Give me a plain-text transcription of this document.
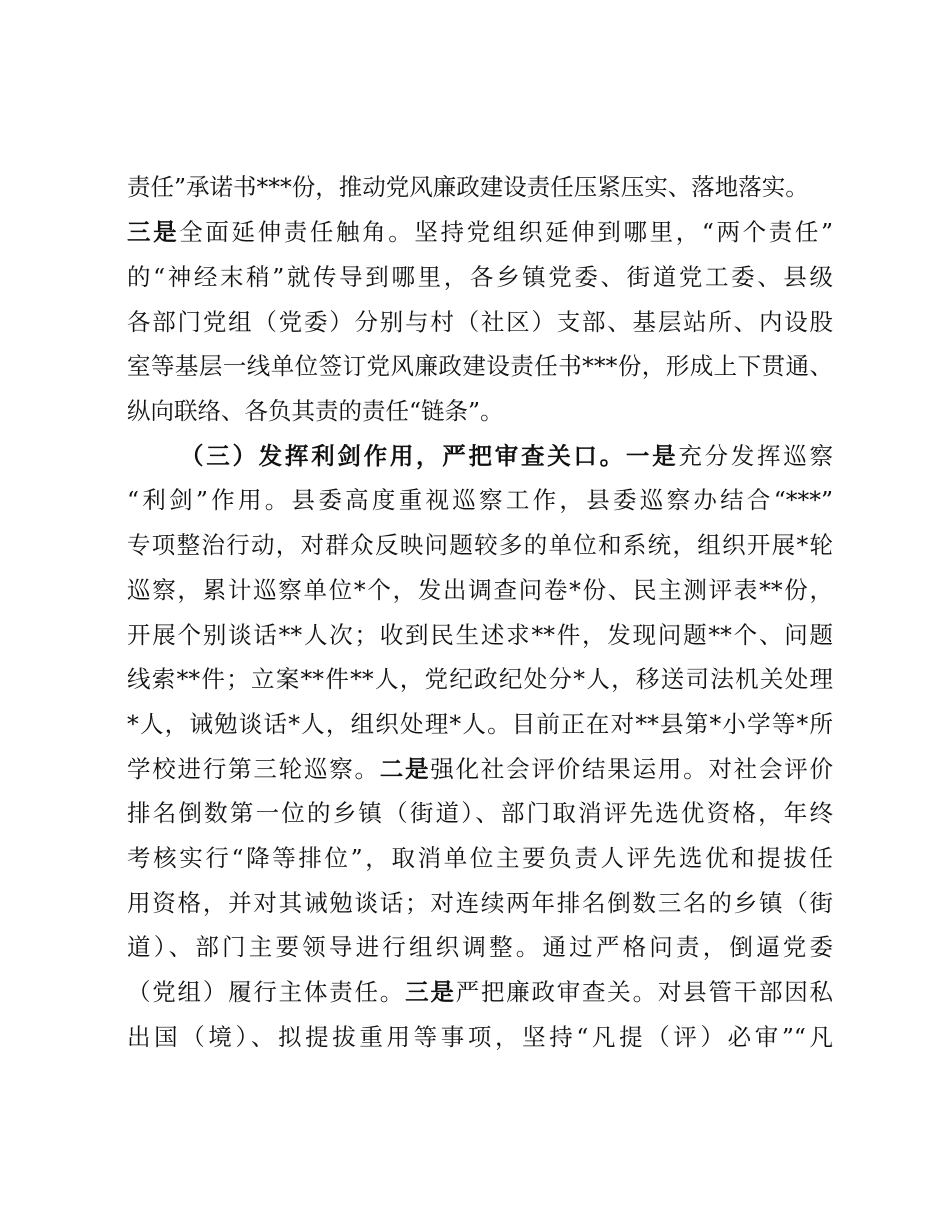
责任”承诺书***份，推动党风廉政建设责任压紧压实、落地落实。
三是全面延伸责任触角。坚持党组织延伸到哪里，“两个责任”
的“神经末稍”就传导到哪里，各乡镇党委、街道党工委、县级
各部门党组（党委）分别与村（社区）支部、基层站所、内设股
室等基层一线单位签订党风廉政建设责任书***份，形成上下贯通、
纵向联络、各负其责的责任“链条”。
（三）发挥利剑作用，严把审查关口。一是充分发挥巡察
“利剑”作用。县委高度重视巡察工作，县委巡察办结合“***”
专项整治行动，对群众反映问题较多的单位和系统，组织开展*轮
巡察，累计巡察单位*个，发出调查问卷*份、民主测评表**份，
开展个别谈话**人次；收到民生述求**件，发现问题**个、问题
线索**件；立案**件**人，党纪政纪处分*人，移送司法机关处理
*人，诫勉谈话*人，组织处理*人。目前正在对**县第*小学等*所
学校进行第三轮巡察。二是强化社会评价结果运用。对社会评价
排名倒数第一位的乡镇（街道）、部门取消评先选优资格，年终
考核实行“降等排位”，取消单位主要负责人评先选优和提拔任
用资格，并对其诫勉谈话；对连续两年排名倒数三名的乡镇（街
道）、部门主要领导进行组织调整。通过严格问责，倒逼党委
（党组）履行主体责任。三是严把廉政审查关。对县管干部因私
出国（境）、拟提拔重用等事项，坚持“凡提（评）必审”“凡
